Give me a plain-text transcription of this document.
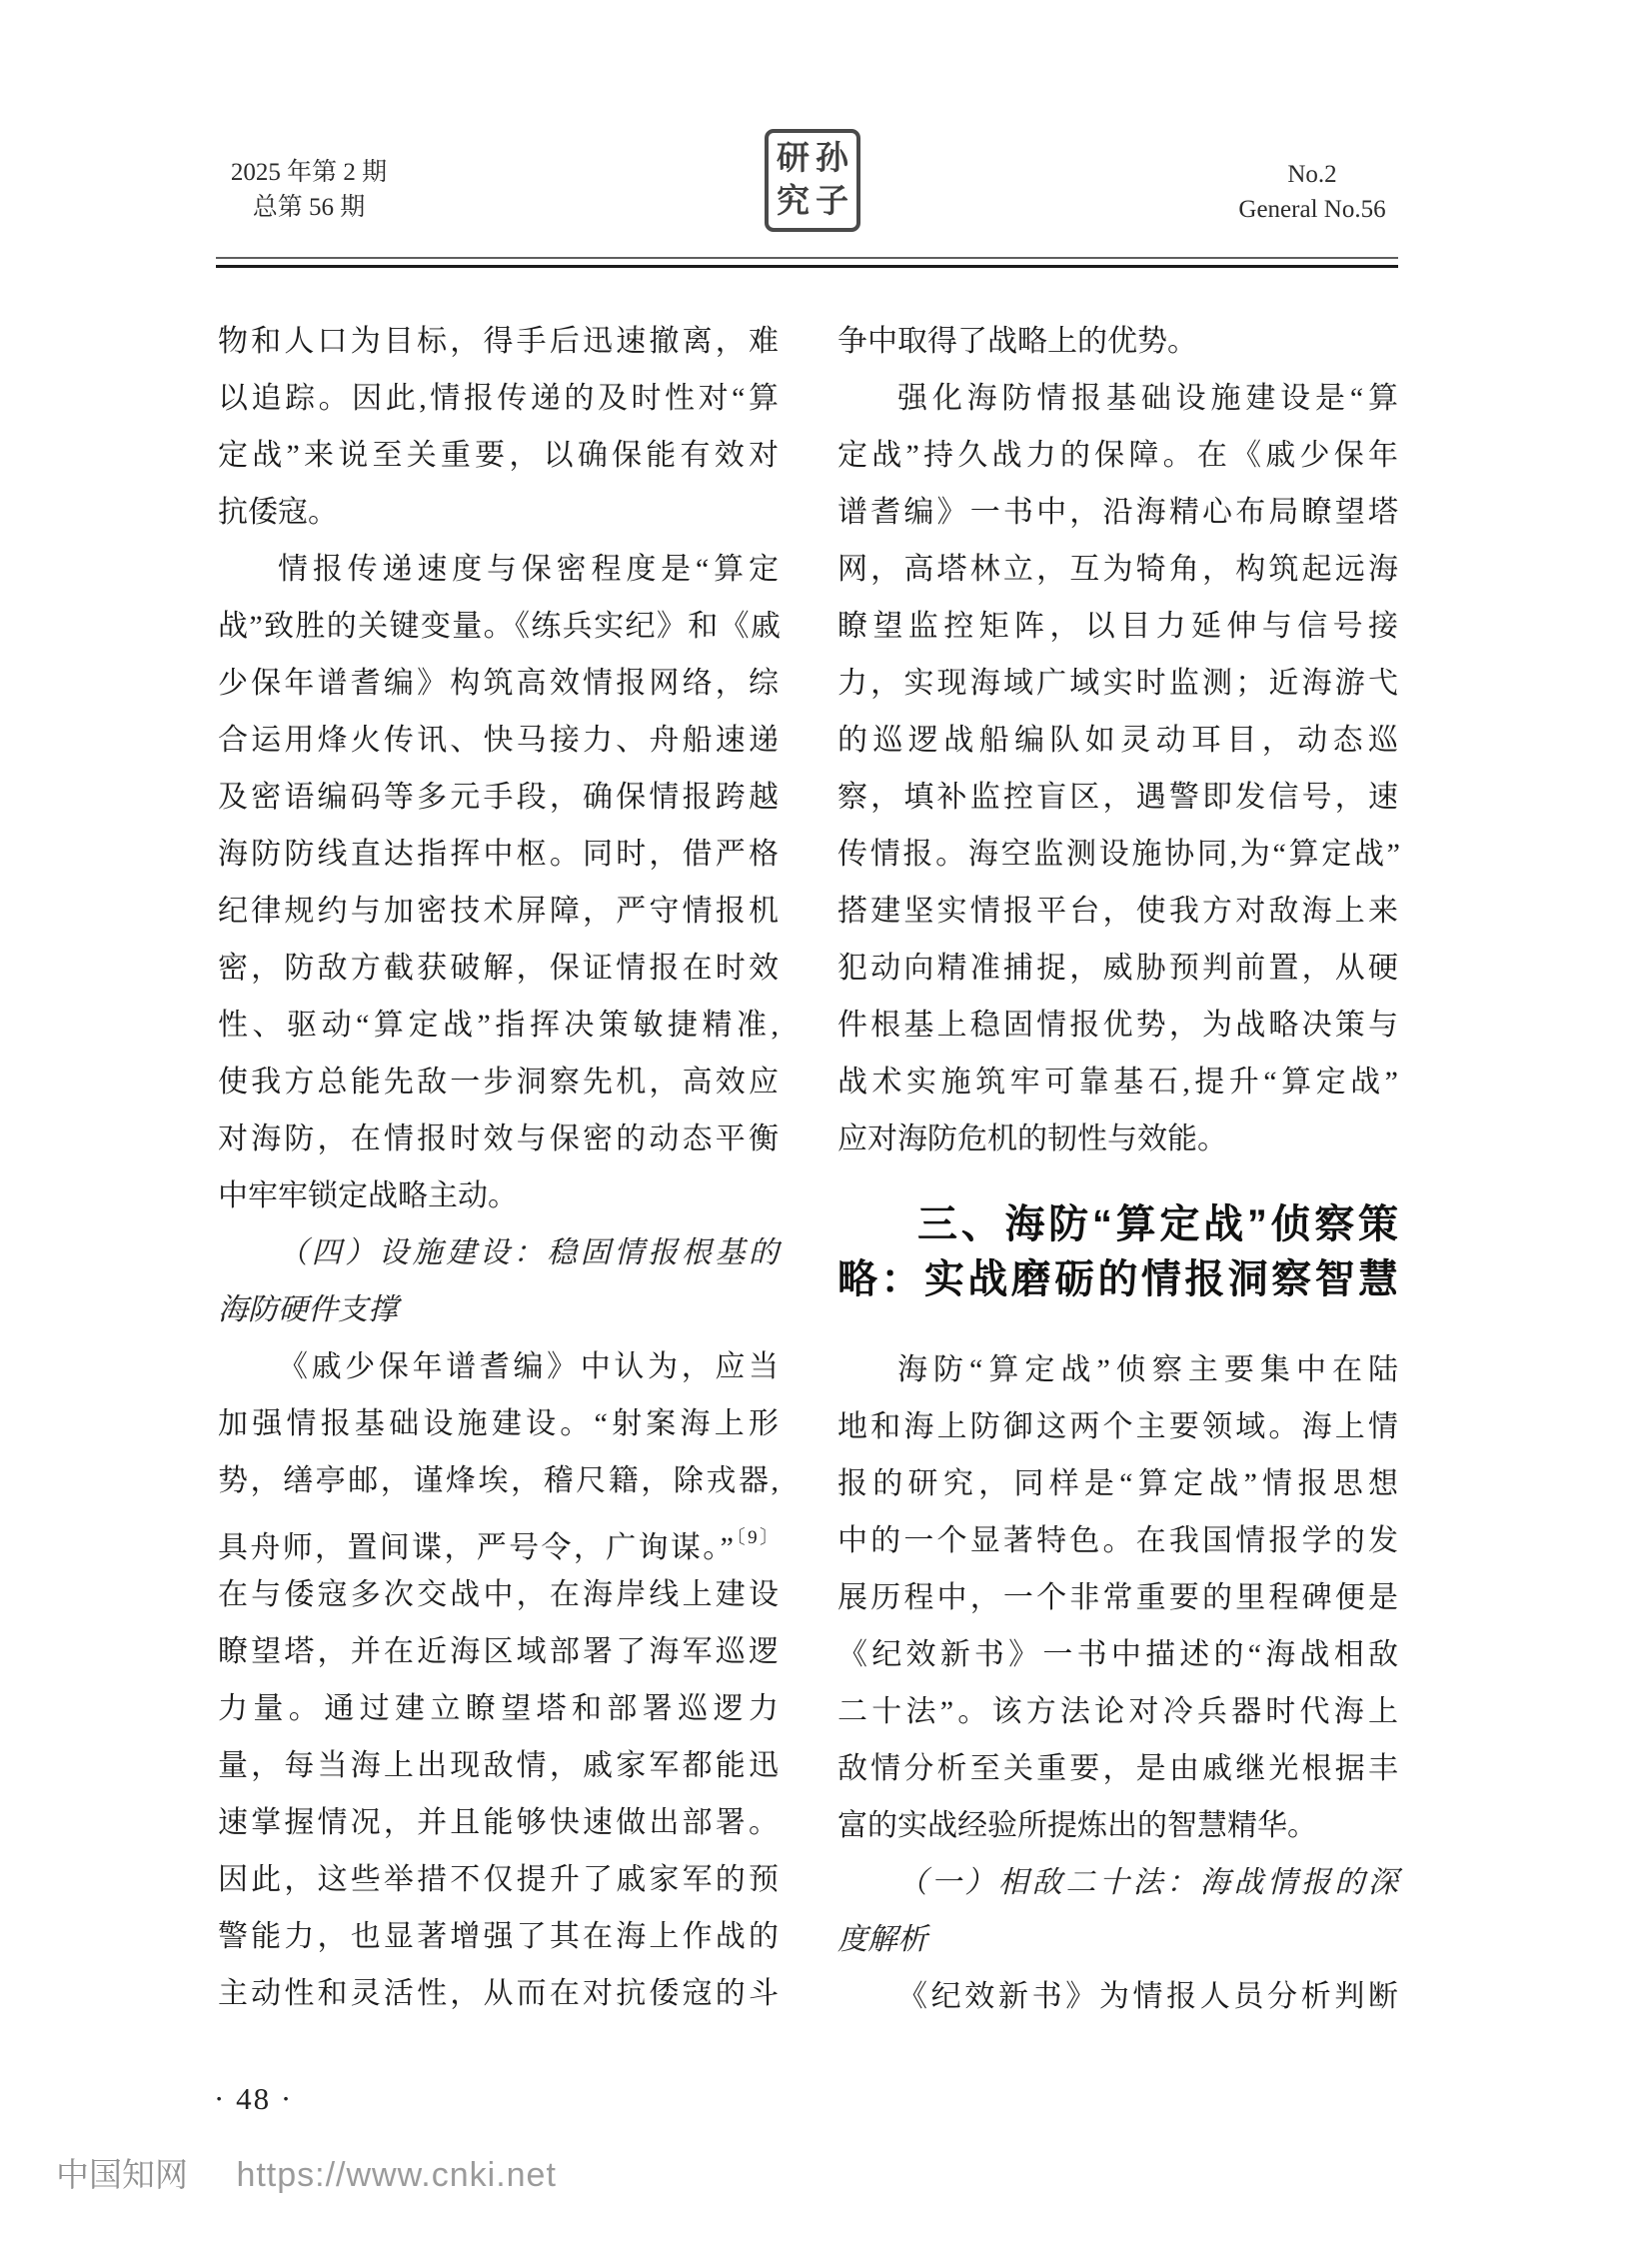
2025 年第 2 期
总第 56 期
研究
孙子
No.2
General No.56
物和人口为目标，得手后迅速撤离，难
以追踪。因此,情报传递的及时性对“算
定战”来说至关重要，以确保能有效对
抗倭寇。
情报传递速度与保密程度是“算定
战”致胜的关键变量。《练兵实纪》和《戚
少保年谱耆编》构筑高效情报网络，综
合运用烽火传讯、快马接力、舟船速递
及密语编码等多元手段，确保情报跨越
海防防线直达指挥中枢。同时，借严格
纪律规约与加密技术屏障，严守情报机
密，防敌方截获破解，保证情报在时效
性、驱动“算定战”指挥决策敏捷精准,
使我方总能先敌一步洞察先机，高效应
对海防，在情报时效与保密的动态平衡
中牢牢锁定战略主动。
（四）设施建设：稳固情报根基的
海防硬件支撑
《戚少保年谱耆编》中认为，应当
加强情报基础设施建设。“射案海上形
势，缮亭邮，谨烽埃，稽尺籍，除戎器,
具舟师，置间谍，严号令，广询谋。”$^{〔9〕}$
在与倭寇多次交战中，在海岸线上建设
瞭望塔，并在近海区域部署了海军巡逻
力量。通过建立瞭望塔和部署巡逻力
量，每当海上出现敌情，戚家军都能迅
速掌握情况，并且能够快速做出部署。
因此，这些举措不仅提升了戚家军的预
警能力，也显著增强了其在海上作战的
主动性和灵活性，从而在对抗倭寇的斗
争中取得了战略上的优势。
强化海防情报基础设施建设是“算
定战”持久战力的保障。在《戚少保年
谱耆编》一书中，沿海精心布局瞭望塔
网，高塔林立，互为犄角，构筑起远海
瞭望监控矩阵，以目力延伸与信号接
力，实现海域广域实时监测；近海游弋
的巡逻战船编队如灵动耳目，动态巡
察，填补监控盲区，遇警即发信号，速
传情报。海空监测设施协同,为“算定战”
搭建坚实情报平台，使我方对敌海上来
犯动向精准捕捉，威胁预判前置，从硬
件根基上稳固情报优势，为战略决策与
战术实施筑牢可靠基石,提升“算定战”
应对海防危机的韧性与效能。
三、海防“算定战”侦察策
略：实战磨砺的情报洞察智慧
海防“算定战”侦察主要集中在陆
地和海上防御这两个主要领域。海上情
报的研究，同样是“算定战”情报思想
中的一个显著特色。在我国情报学的发
展历程中，一个非常重要的里程碑便是
《纪效新书》一书中描述的“海战相敌
二十法”。该方法论对冷兵器时代海上
敌情分析至关重要，是由戚继光根据丰
富的实战经验所提炼出的智慧精华。
（一）相敌二十法：海战情报的深
度解析
《纪效新书》为情报人员分析判断
· 48 ·
中国知网 https://www.cnki.net
